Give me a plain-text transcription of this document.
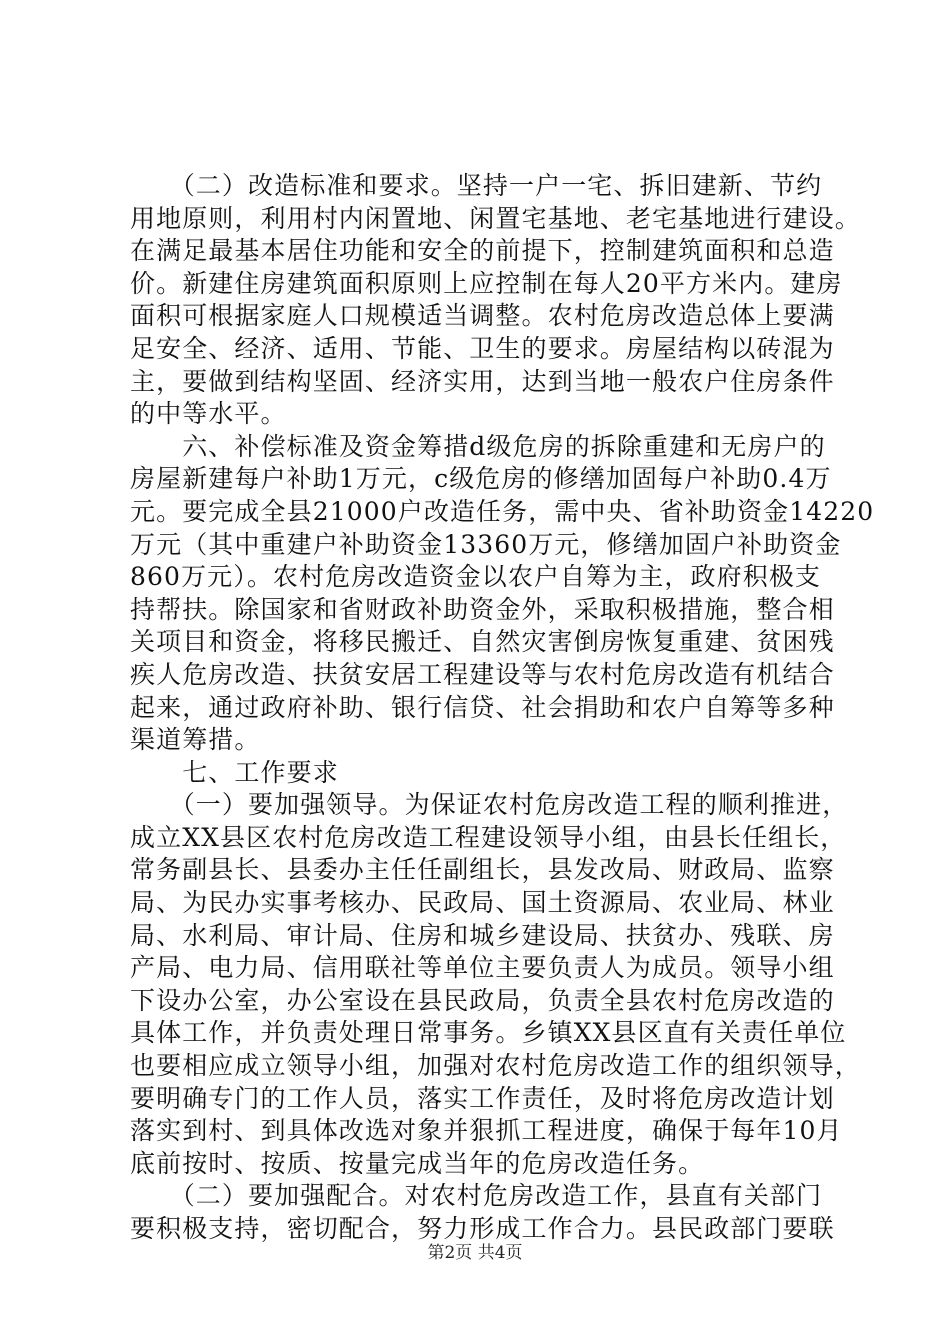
　　（二）改造标准和要求。坚持一户一宅、拆旧建新、节约
用地原则，利用村内闲置地、闲置宅基地、老宅基地进行建设。
在满足最基本居住功能和安全的前提下，控制建筑面积和总造
价。新建住房建筑面积原则上应控制在每人20平方米内。建房
面积可根据家庭人口规模适当调整。农村危房改造总体上要满
足安全、经济、适用、节能、卫生的要求。房屋结构以砖混为
主，要做到结构坚固、经济实用，达到当地一般农户住房条件
的中等水平。
　　六、补偿标准及资金筹措d级危房的拆除重建和无房户的
房屋新建每户补助1万元，c级危房的修缮加固每户补助0.4万
元。要完成全县21000户改造任务，需中央、省补助资金14220
万元（其中重建户补助资金13360万元，修缮加固户补助资金
860万元）。农村危房改造资金以农户自筹为主，政府积极支
持帮扶。除国家和省财政补助资金外，采取积极措施，整合相
关项目和资金，将移民搬迁、自然灾害倒房恢复重建、贫困残
疾人危房改造、扶贫安居工程建设等与农村危房改造有机结合
起来，通过政府补助、银行信贷、社会捐助和农户自筹等多种
渠道筹措。
　　七、工作要求
　　（一）要加强领导。为保证农村危房改造工程的顺利推进，
成立XX县区农村危房改造工程建设领导小组，由县长任组长，
常务副县长、县委办主任任副组长，县发改局、财政局、监察
局、为民办实事考核办、民政局、国土资源局、农业局、林业
局、水利局、审计局、住房和城乡建设局、扶贫办、残联、房
产局、电力局、信用联社等单位主要负责人为成员。领导小组
下设办公室，办公室设在县民政局，负责全县农村危房改造的
具体工作，并负责处理日常事务。乡镇XX县区直有关责任单位
也要相应成立领导小组，加强对农村危房改造工作的组织领导，
要明确专门的工作人员，落实工作责任，及时将危房改造计划
落实到村、到具体改选对象并狠抓工程进度，确保于每年10月
底前按时、按质、按量完成当年的危房改造任务。
　　（二）要加强配合。对农村危房改造工作，县直有关部门
要积极支持，密切配合，努力形成工作合力。县民政部门要联
第2页 共4页
